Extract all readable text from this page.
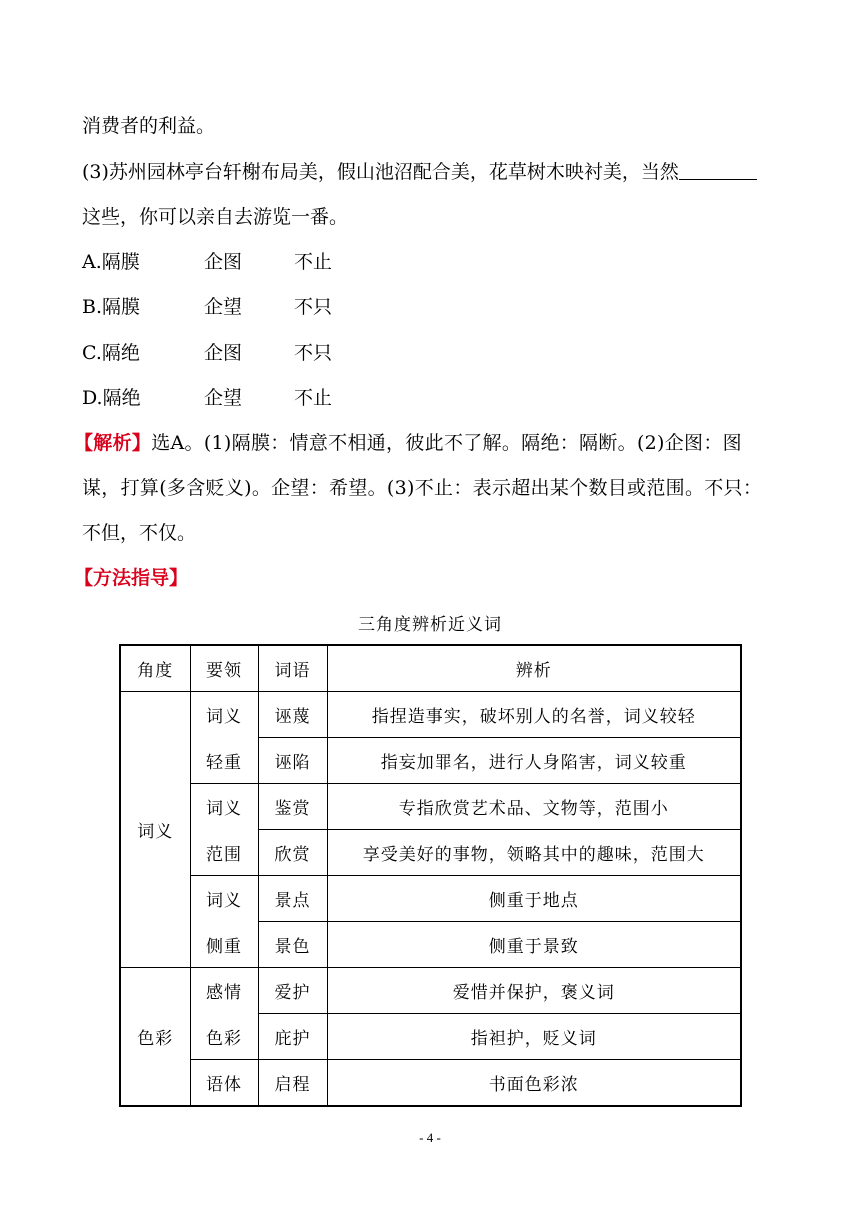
消费者的利益。
(3)苏州园林亭台轩榭布局美，假山池沼配合美，花草树木映衬美，当然
这些，你可以亲自去游览一番。
A.隔膜	企图	不止
B.隔膜	企望	不只
C.隔绝	企图	不只
D.隔绝	企望	不止
【解析】选A。(1)隔膜：情意不相通，彼此不了解。隔绝：隔断。(2)企图：图
谋，打算(多含贬义)。企望：希望。(3)不止：表示超出某个数目或范围。不只：
不但，不仅。
【方法指导】
三角度辨析近义词
角度	要领	词语	辨析
词义	词义	诬蔑	指捏造事实，破坏别人的名誉，词义较轻
	轻重	诬陷	指妄加罪名，进行人身陷害，词义较重
	词义	鉴赏	专指欣赏艺术品、文物等，范围小
	范围	欣赏	享受美好的事物，领略其中的趣味，范围大
	词义	景点	侧重于地点
	侧重	景色	侧重于景致
色彩	感情	爱护	爱惜并保护，褒义词
	色彩	庇护	指袒护，贬义词
	语体	启程	书面色彩浓
- 4 -
